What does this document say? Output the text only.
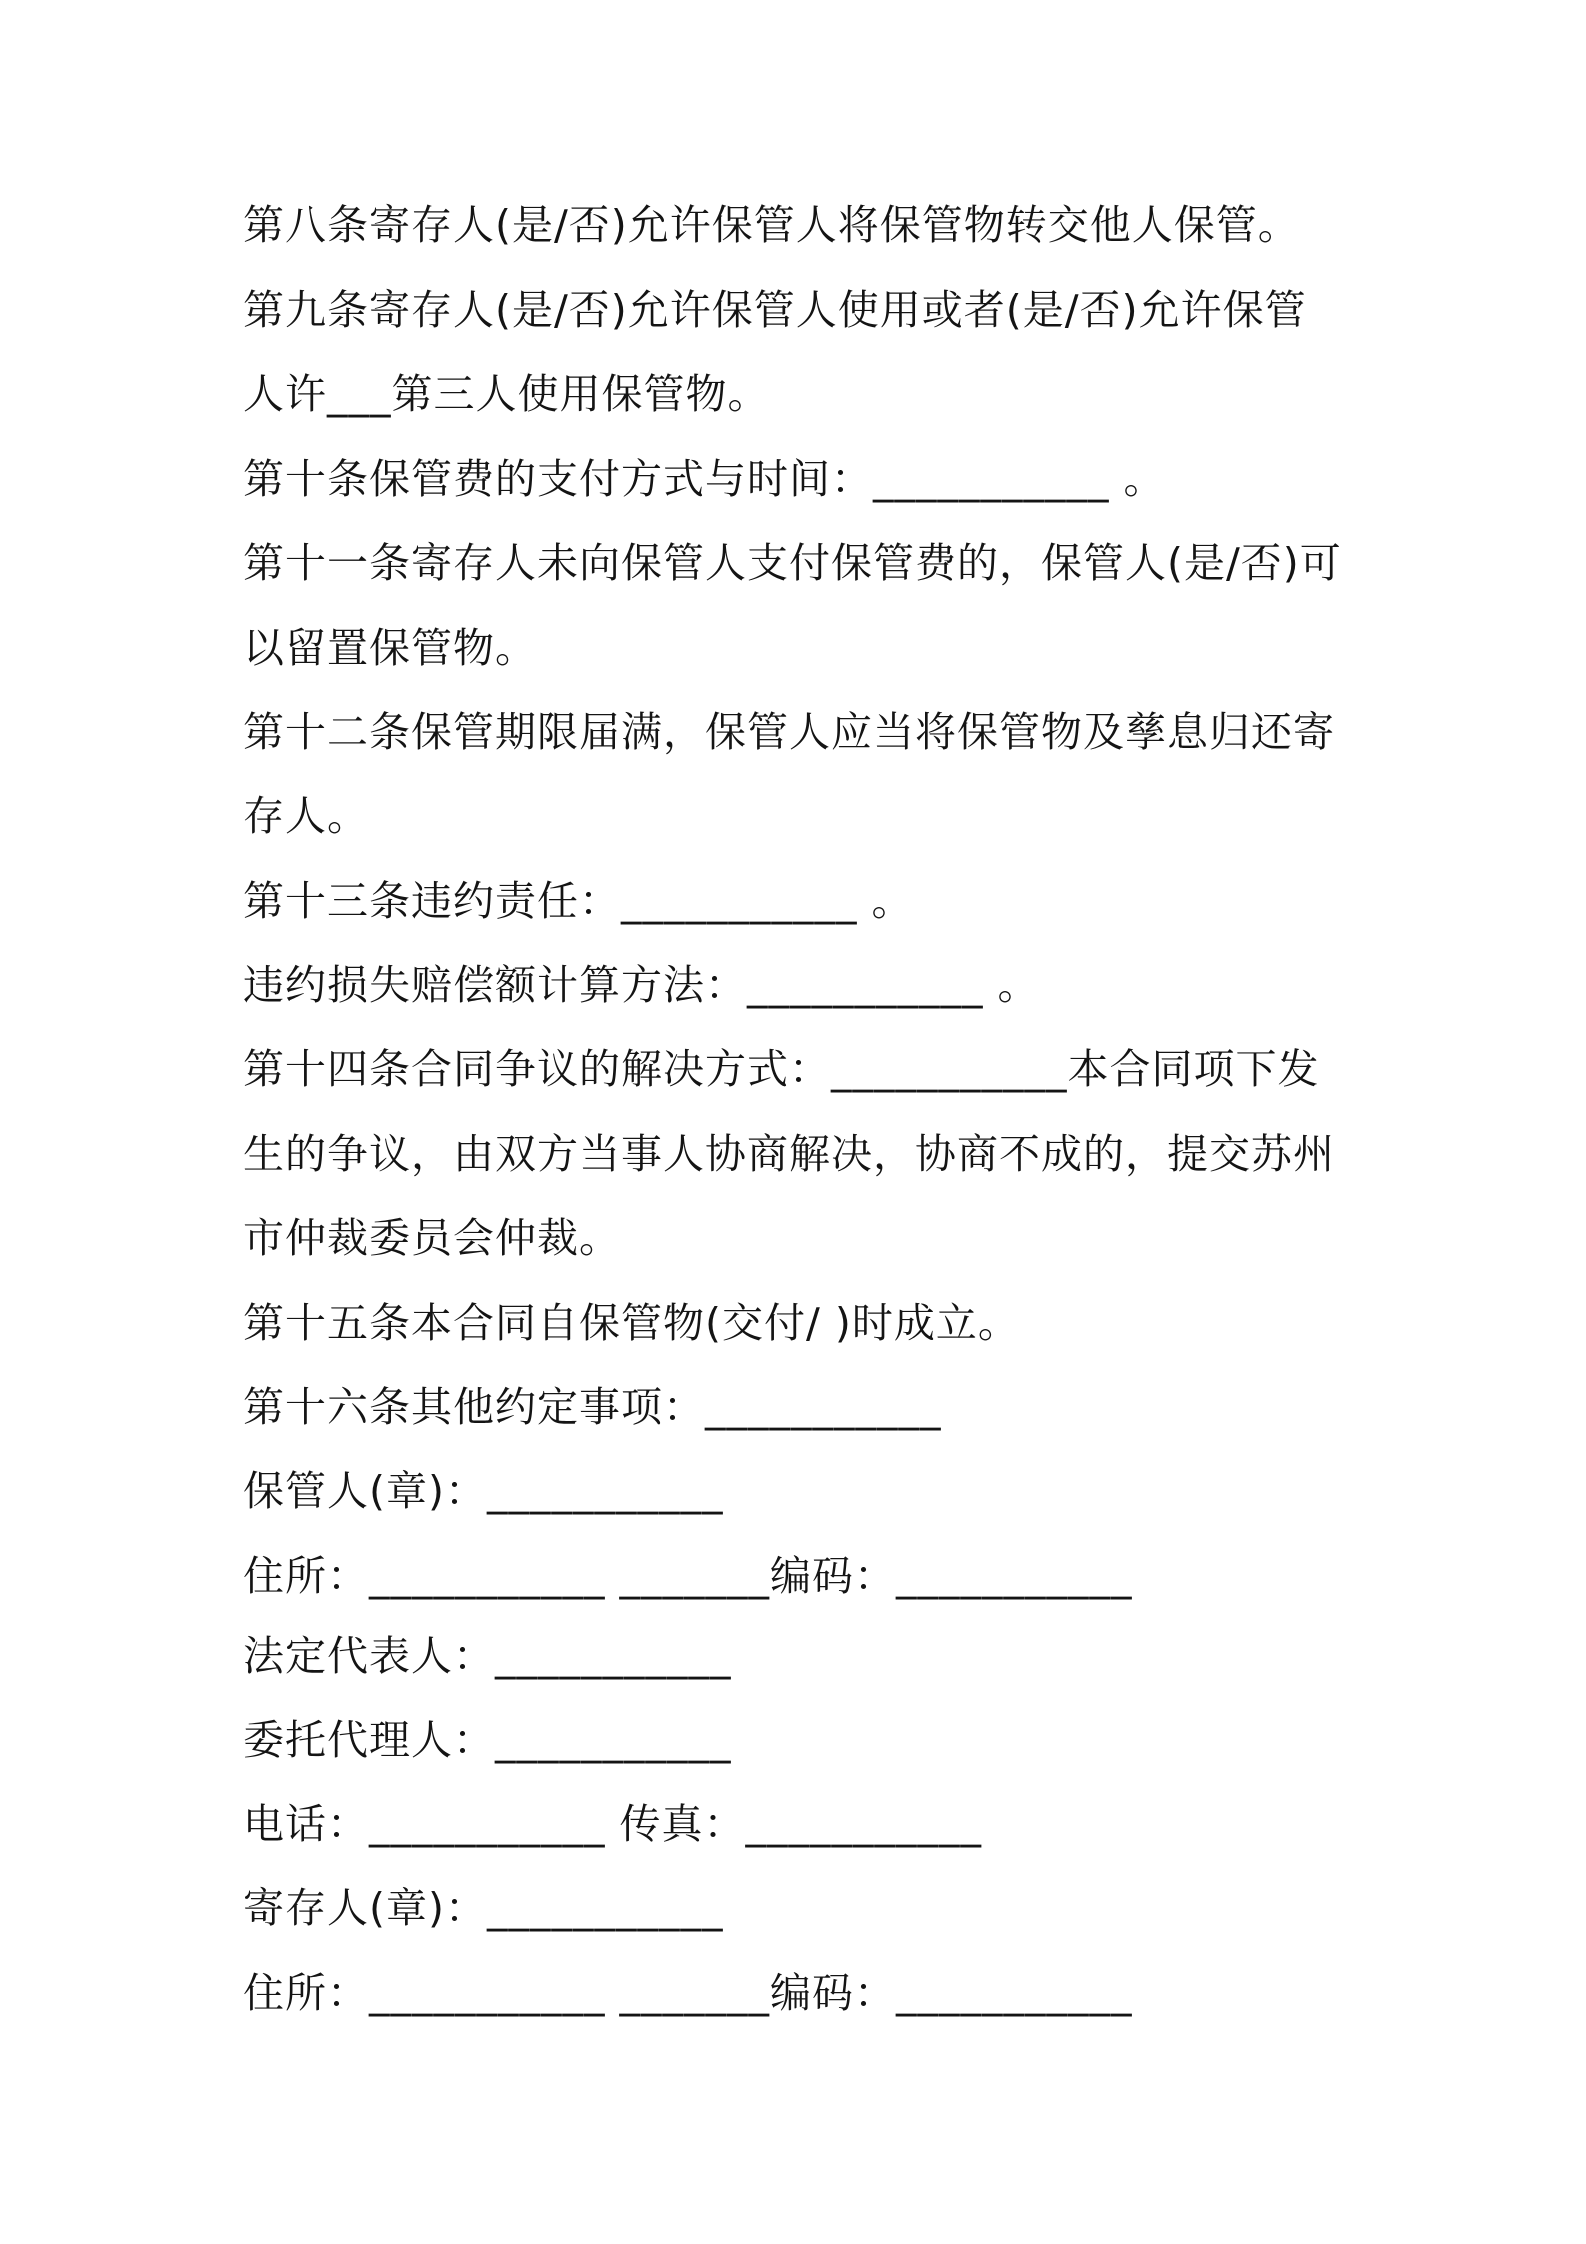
第八条寄存人(是/否)允许保管人将保管物转交他人保管。

第九条寄存人(是/否)允许保管人使用或者(是/否)允许保管

人许___第三人使用保管物。

第十条保管费的支付方式与时间：___________ 。

第十一条寄存人未向保管人支付保管费的，保管人(是/否)可

以留置保管物。

第十二条保管期限届满，保管人应当将保管物及孳息归还寄

存人。

第十三条违约责任：___________ 。

违约损失赔偿额计算方法：___________ 。

第十四条合同争议的解决方式：___________本合同项下发

生的争议，由双方当事人协商解决，协商不成的，提交苏州

市仲裁委员会仲裁。

第十五条本合同自保管物(交付/ )时成立。

第十六条其他约定事项：___________

保管人(章)：___________

住所：___________ _______编码：___________

法定代表人：___________

委托代理人：___________

电话：___________ 传真：___________

寄存人(章)：___________

住所：___________ _______编码：___________
